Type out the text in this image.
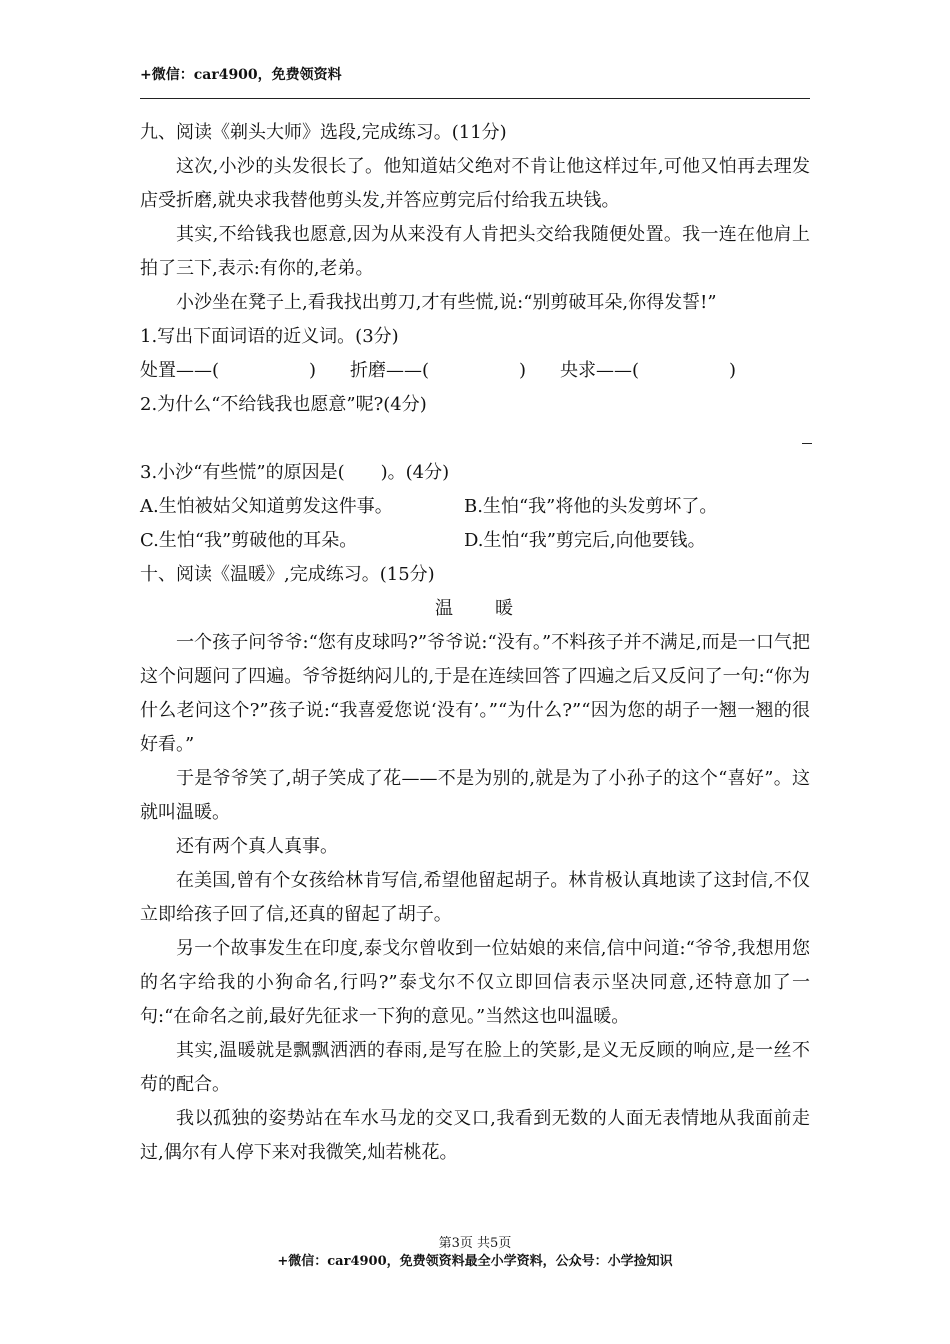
+微信：car4900，免费领资料
九、阅读《剃头大师》选段,完成练习。(11分)
这次,小沙的头发很长了。他知道姑父绝对不肯让他这样过年,可他又怕再去理发店受折磨,就央求我替他剪头发,并答应剪完后付给我五块钱。
其实,不给钱我也愿意,因为从来没有人肯把头交给我随便处置。我一连在他肩上拍了三下,表示:有你的,老弟。
小沙坐在凳子上,看我找出剪刀,才有些慌,说:“别剪破耳朵,你得发誓!”
1.写出下面词语的近义词。(3分)
处置——(　　　　　)	折磨——(　　　　　)	央求——(　　　　　)
2.为什么“不给钱我也愿意”呢?(4分)
3.小沙“有些慌”的原因是(　　)。(4分)
A.生怕被姑父知道剪发这件事。	B.生怕“我”将他的头发剪坏了。
C.生怕“我”剪破他的耳朵。	D.生怕“我”剪完后,向他要钱。
十、阅读《温暖》,完成练习。(15分)
温　　暖
一个孩子问爷爷:“您有皮球吗?”爷爷说:“没有。”不料孩子并不满足,而是一口气把这个问题问了四遍。爷爷挺纳闷儿的,于是在连续回答了四遍之后又反问了一句:“你为什么老问这个?”孩子说:“我喜爱您说‘没有’。”“为什么?”“因为您的胡子一翘一翘的很好看。”
于是爷爷笑了,胡子笑成了花——不是为别的,就是为了小孙子的这个“喜好”。这就叫温暖。
还有两个真人真事。
在美国,曾有个女孩给林肯写信,希望他留起胡子。林肯极认真地读了这封信,不仅立即给孩子回了信,还真的留起了胡子。
另一个故事发生在印度,泰戈尔曾收到一位姑娘的来信,信中问道:“爷爷,我想用您的名字给我的小狗命名,行吗?”泰戈尔不仅立即回信表示坚决同意,还特意加了一句:“在命名之前,最好先征求一下狗的意见。”当然这也叫温暖。
其实,温暖就是飘飘洒洒的春雨,是写在脸上的笑影,是义无反顾的响应,是一丝不苟的配合。
我以孤独的姿势站在车水马龙的交叉口,我看到无数的人面无表情地从我面前走过,偶尔有人停下来对我微笑,灿若桃花。
第3页 共5页
+微信：car4900，免费领资料最全小学资料，公众号：小学捡知识
